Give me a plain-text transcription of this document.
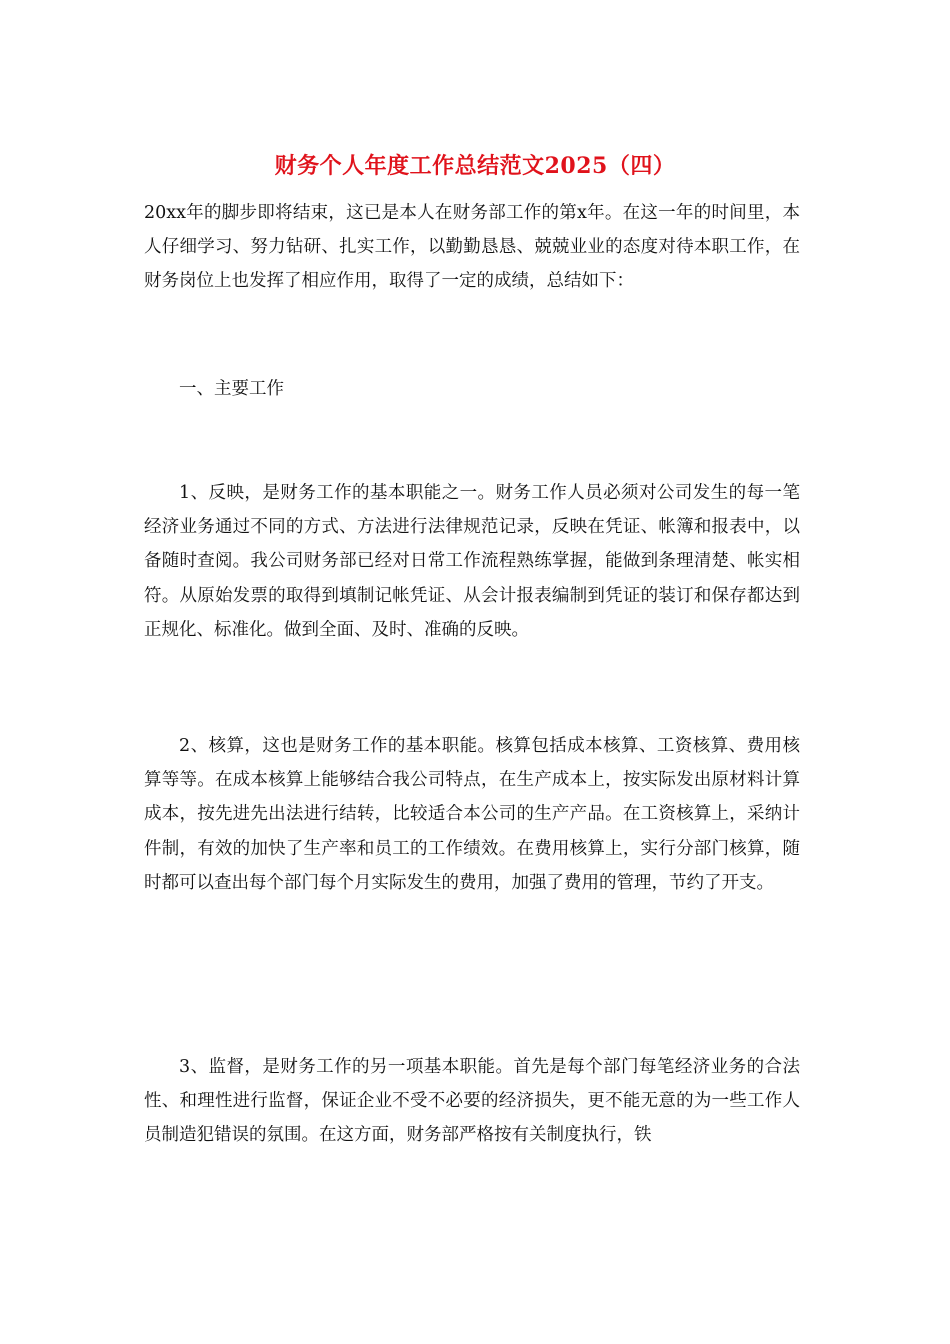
财务个人年度工作总结范文2025（四）

20xx年的脚步即将结束，这已是本人在财务部工作的第x年。在这一年的时间里，本人仔细学习、努力钻研、扎实工作，以勤勤恳恳、兢兢业业的态度对待本职工作，在财务岗位上也发挥了相应作用，取得了一定的成绩，总结如下：

一、主要工作

1、反映，是财务工作的基本职能之一。财务工作人员必须对公司发生的每一笔经济业务通过不同的方式、方法进行法律规范记录，反映在凭证、帐簿和报表中，以备随时查阅。我公司财务部已经对日常工作流程熟练掌握，能做到条理清楚、帐实相符。从原始发票的取得到填制记帐凭证、从会计报表编制到凭证的装订和保存都达到正规化、标准化。做到全面、及时、准确的反映。

2、核算，这也是财务工作的基本职能。核算包括成本核算、工资核算、费用核算等等。在成本核算上能够结合我公司特点，在生产成本上，按实际发出原材料计算成本，按先进先出法进行结转，比较适合本公司的生产产品。在工资核算上，采纳计件制，有效的加快了生产率和员工的工作绩效。在费用核算上，实行分部门核算，随时都可以查出每个部门每个月实际发生的费用，加强了费用的管理，节约了开支。

3、监督，是财务工作的另一项基本职能。首先是每个部门每笔经济业务的合法性、和理性进行监督，保证企业不受不必要的经济损失，更不能无意的为一些工作人员制造犯错误的氛围。在这方面，财务部严格按有关制度执行，铁
